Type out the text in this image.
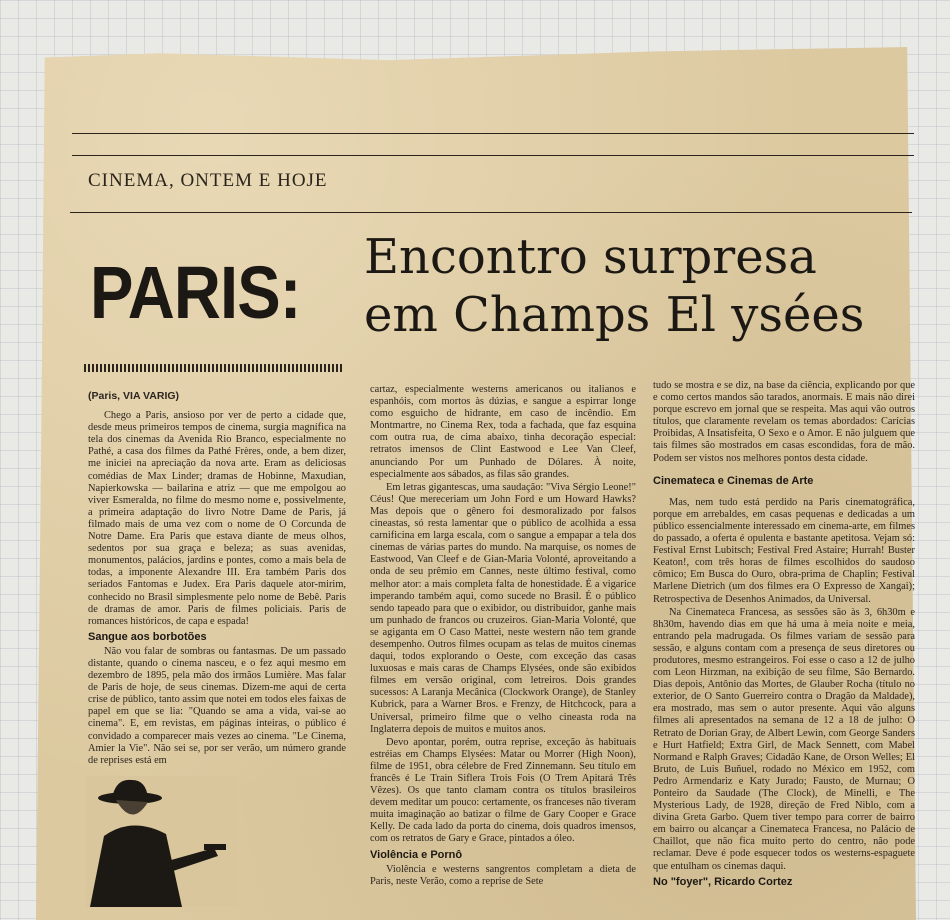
CINEMA, ONTEM E HOJE
PARIS: Encontro surpresa
em Champs El ysées
(Paris, VIA VARIG)

Chego a Paris, ansioso por ver de perto a cidade que, desde meus primeiros tempos de cinema, surgia magnífica na tela dos cinemas da Avenida Rio Branco, especialmente no Pathé, a casa dos filmes da Pathé Frères, onde, a bem dizer, me iniciei na apreciação da nova arte. Eram as deliciosas comédias de Max Linder; dramas de Hobinne, Maxudian, Napierkowska — bailarina e atriz — que me empolgou ao viver Esmeralda, no filme do mesmo nome e, possivelmente, a primeira adaptação do livro Notre Dame de Paris, já filmado mais de uma vez com o nome de O Corcunda de Notre Dame. Era Paris que estava diante de meus olhos, sedentos por sua graça e beleza; as suas avenidas, monumentos, palácios, jardins e pontes, como a mais bela de todas, a imponente Alexandre III. Era também Paris dos seriados Fantomas e Judex. Era Paris daquele ator-mirim, conhecido no Brasil simplesmente pelo nome de Bebê. Paris de dramas de amor. Paris de filmes policiais. Paris de romances históricos, de capa e espada!

Sangue aos borbotões

Não vou falar de sombras ou fantasmas. De um passado distante, quando o cinema nasceu, e o fez aqui mesmo em dezembro de 1895, pela mão dos irmãos Lumière. Mas falar de Paris de hoje, de seus cinemas. Dizem-me aqui de certa crise de público, tanto assim que notei em todos eles faixas de papel em que se lia: "Quando se ama a vida, vai-se ao cinema". E, em revistas, em páginas inteiras, o público é convidado a comparecer mais vezes ao cinema. "Le Cinema, Amier la Vie". Não sei se, por ser verão, um número grande de reprises está em

cartaz, especialmente westerns americanos ou italianos e espanhóis, com mortos às dúzias, e sangue a espirrar longe como esguicho de hidrante, em caso de incêndio. Em Montmartre, no Cinema Rex, toda a fachada, que faz esquina com outra rua, de cima abaixo, tinha decoração especial: retratos imensos de Clint Eastwood e Lee Van Cleef, anunciando Por um Punhado de Dólares. À noite, especialmente aos sábados, as filas são grandes.

Em letras gigantescas, uma saudação: "Viva Sérgio Leone!" Céus! Que mereceriam um John Ford e um Howard Hawks? Mas depois que o gênero foi desmoralizado por falsos cineastas, só resta lamentar que o público de acolhida a essa carnificina em larga escala, com o sangue a empapar a tela dos cinemas de várias partes do mundo. Na marquise, os nomes de Eastwood, Van Cleef e de Gian-Maria Volonté, aproveitando a onda de seu prêmio em Cannes, neste último festival, como melhor ator: a mais completa falta de honestidade. É a vigarice imperando também aqui, como sucede no Brasil. É o público sendo tapeado para que o exibidor, ou distribuidor, ganhe mais um punhado de francos ou cruzeiros. Gian-Maria Volonté, que se agiganta em O Caso Mattei, neste western não tem grande desempenho. Outros filmes ocupam as telas de muitos cinemas daqui, todos explorando o Oeste, com exceção das casas luxuosas e mais caras de Champs Elysées, onde são exibidos filmes em versão original, com letreiros. Dois grandes sucessos: A Laranja Mecânica (Clockwork Orange), de Stanley Kubrick, para a Warner Bros. e Frenzy, de Hitchcock, para a Universal, primeiro filme que o velho cineasta roda na Inglaterra depois de muitos e muitos anos.

Devo apontar, porém, outra reprise, exceção às habituais estréias em Champs Elysées: Matar ou Morrer (High Noon), filme de 1951, obra célebre de Fred Zinnemann. Seu título em francês é Le Train Siflera Trois Fois (O Trem Apitará Três Vêzes). Os que tanto clamam contra os títulos brasileiros devem meditar um pouco: certamente, os franceses não tiveram muita imaginação ao batizar o filme de Gary Cooper e Grace Kelly. De cada lado da porta do cinema, dois quadros imensos, com os retratos de Gary e Grace, pintados a óleo.

Violência e Pornô

Violência e westerns sangrentos completam a dieta de Paris, neste Verão, como a reprise de Sete

tudo se mostra e se diz, na base da ciência, explicando por que e como certos mandos são tarados, anormais. E mais não direi porque escrevo em jornal que se respeita. Mas aqui vão outros títulos, que claramente revelam os temas abordados: Carícias Proibidas, A Insatisfeita, O Sexo e o Amor. E não julguem que tais filmes são mostrados em casas escondidas, fora de mão. Podem ser vistos nos melhores pontos desta cidade.

Cinemateca e Cinemas de Arte

Mas, nem tudo está perdido na Paris cinematográfica, porque em arrebaldes, em casas pequenas e dedicadas a um público essencialmente interessado em cinema-arte, em filmes do passado, a oferta é opulenta e bastante apetitosa. Vejam só: Festival Ernst Lubitsch; Festival Fred Astaire; Hurrah! Buster Keaton!, com três horas de filmes escolhidos do saudoso cômico; Em Busca do Ouro, obra-prima de Chaplin; Festival Marlene Dietrich (um dos filmes era O Expresso de Xangai); Retrospectiva de Desenhos Animados, da Universal.

Na Cinemateca Francesa, as sessões são às 3, 6h30m e 8h30m, havendo dias em que há uma à meia noite e meia, entrando pela madrugada. Os filmes variam de sessão para sessão, e alguns contam com a presença de seus diretores ou produtores, mesmo estrangeiros. Foi esse o caso a 12 de julho com Leon Hirzman, na exibição de seu filme, São Bernardo. Dias depois, Antônio das Mortes, de Glauber Rocha (título no exterior, de O Santo Guerreiro contra o Dragão da Maldade), era mostrado, mas sem o autor presente. Aqui vão alguns filmes ali apresentados na semana de 12 a 18 de julho: O Retrato de Dorian Gray, de Albert Lewin, com George Sanders e Hurt Hatfield; Extra Girl, de Mack Sennett, com Mabel Normand e Ralph Graves; Cidadão Kane, de Orson Welles; El Bruto, de Luis Buñuel, rodado no México em 1952, com Pedro Armendariz e Katy Jurado; Fausto, de Murnau; O Ponteiro da Saudade (The Clock), de Minelli, e The Mysterious Lady, de 1928, direção de Fred Niblo, com a divina Greta Garbo. Quem tiver tempo para correr de bairro em bairro ou alcançar a Cinemateca Francesa, no Palácio de Chaillot, que não fica muito perto do centro, não pode reclamar. Deve é pode esquecer todos os westerns-espaguete que entulham os cinemas daqui.

No "foyer", Ricardo Cortez
